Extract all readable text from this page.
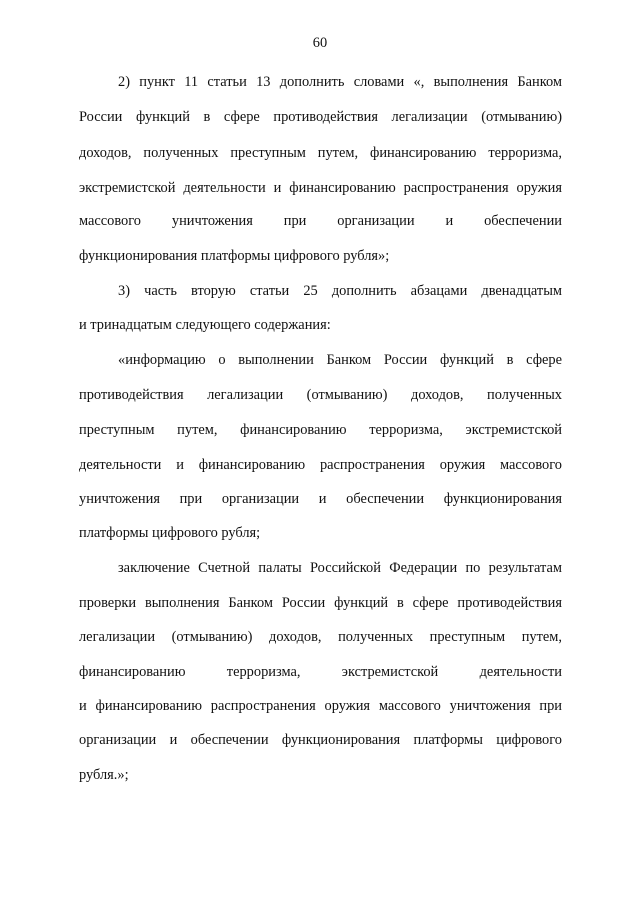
60
2) пункт 11 статьи 13 дополнить словами «, выполнения Банком
России функций в сфере противодействия легализации (отмыванию)
доходов, полученных преступным путем, финансированию терроризма,
экстремистской деятельности и финансированию распространения оружия
массового уничтожения при организации и обеспечении
функционирования платформы цифрового рубля»;
3) часть вторую статьи 25 дополнить абзацами двенадцатым
и тринадцатым следующего содержания:
«информацию о выполнении Банком России функций в сфере
противодействия легализации (отмыванию) доходов, полученных
преступным путем, финансированию терроризма, экстремистской
деятельности и финансированию распространения оружия массового
уничтожения при организации и обеспечении функционирования
платформы цифрового рубля;
заключение Счетной палаты Российской Федерации по результатам
проверки выполнения Банком России функций в сфере противодействия
легализации (отмыванию) доходов, полученных преступным путем,
финансированию терроризма, экстремистской деятельности
и финансированию распространения оружия массового уничтожения при
организации и обеспечении функционирования платформы цифрового
рубля.»;
